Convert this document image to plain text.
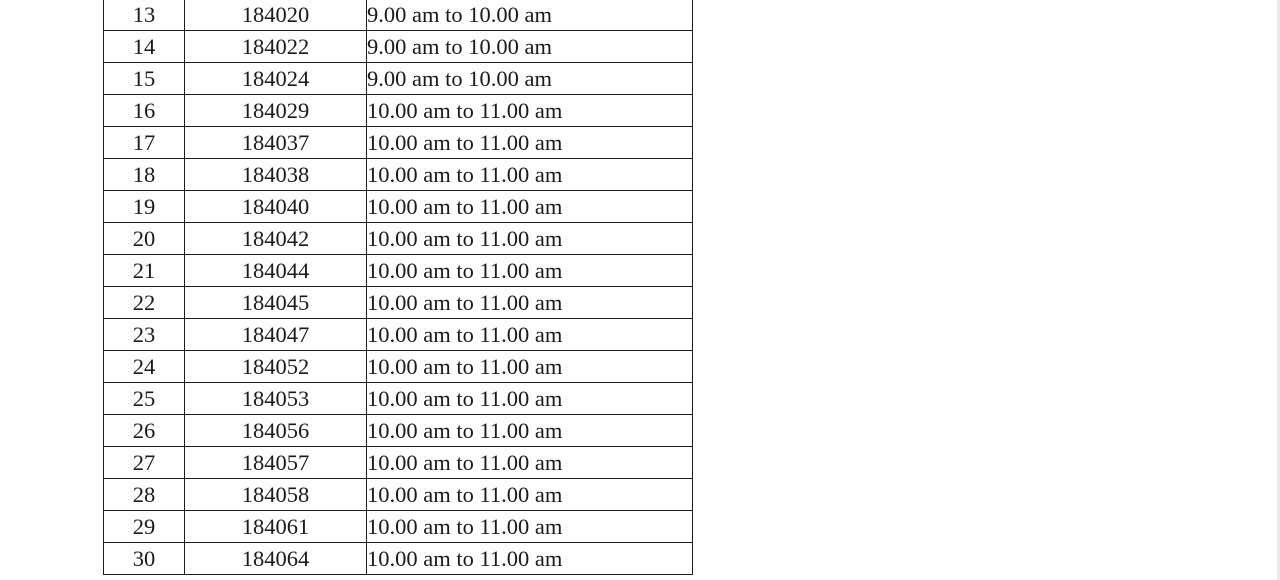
13	184020	9.00 am to 10.00 am
14	184022	9.00 am to 10.00 am
15	184024	9.00 am to 10.00 am
16	184029	10.00 am to 11.00 am
17	184037	10.00 am to 11.00 am
18	184038	10.00 am to 11.00 am
19	184040	10.00 am to 11.00 am
20	184042	10.00 am to 11.00 am
21	184044	10.00 am to 11.00 am
22	184045	10.00 am to 11.00 am
23	184047	10.00 am to 11.00 am
24	184052	10.00 am to 11.00 am
25	184053	10.00 am to 11.00 am
26	184056	10.00 am to 11.00 am
27	184057	10.00 am to 11.00 am
28	184058	10.00 am to 11.00 am
29	184061	10.00 am to 11.00 am
30	184064	10.00 am to 11.00 am
